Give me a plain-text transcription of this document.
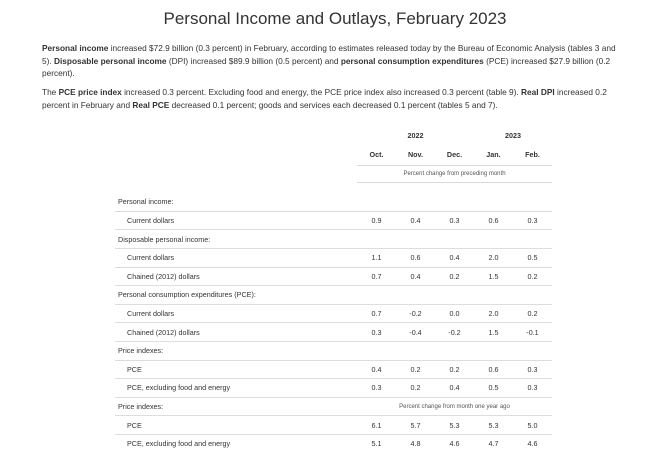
Personal Income and Outlays, February 2023

Personal income increased $72.9 billion (0.3 percent) in February, according to estimates released today by the Bureau of Economic Analysis (tables 3 and 5). Disposable personal income (DPI) increased $89.9 billion (0.5 percent) and personal consumption expenditures (PCE) increased $27.9 billion (0.2 percent).

The PCE price index increased 0.3 percent. Excluding food and energy, the PCE price index also increased 0.3 percent (table 9). Real DPI increased 0.2 percent in February and Real PCE decreased 0.1 percent; goods and services each decreased 0.1 percent (tables 5 and 7).

	2022			2023	
	Oct.	Nov.	Dec.	Jan.	Feb.
	Percent change from preceding month				

Personal income:					
Current dollars	0.9	0.4	0.3	0.6	0.3
Disposable personal income:					
Current dollars	1.1	0.6	0.4	2.0	0.5
Chained (2012) dollars	0.7	0.4	0.2	1.5	0.2
Personal consumption expenditures (PCE):					
Current dollars	0.7	-0.2	0.0	2.0	0.2
Chained (2012) dollars	0.3	-0.4	-0.2	1.5	-0.1
Price indexes:					
PCE	0.4	0.2	0.2	0.6	0.3
PCE, excluding food and energy	0.3	0.2	0.4	0.5	0.3
Price indexes:	Percent change from month one year ago				
PCE	6.1	5.7	5.3	5.3	5.0
PCE, excluding food and energy	5.1	4.8	4.6	4.7	4.6
